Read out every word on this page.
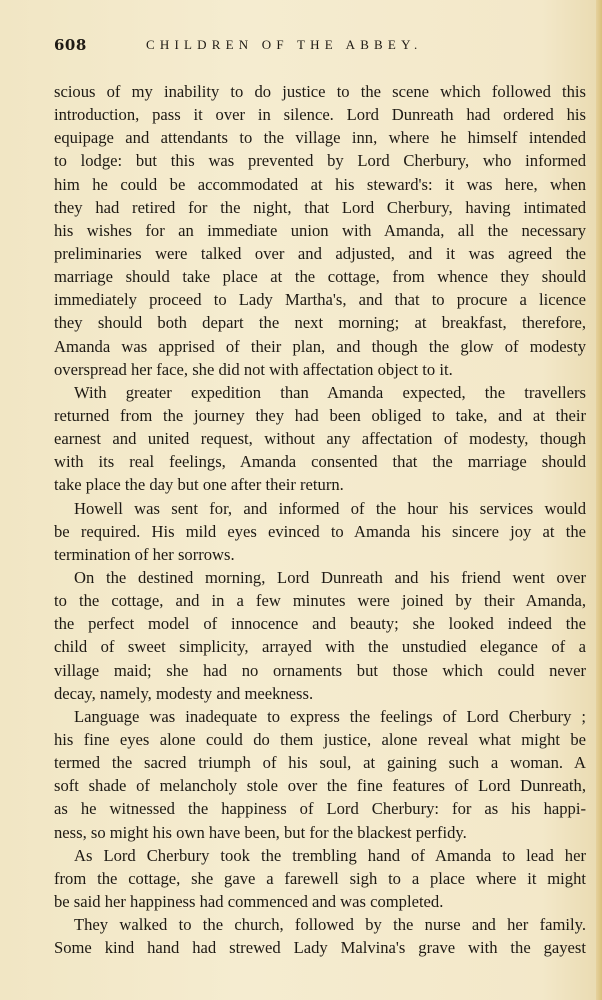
608	CHILDREN OF THE ABBEY.
scious of my inability to do justice to the scene which followed this
introduction, pass it over in silence. Lord Dunreath had ordered his
equipage and attendants to the village inn, where he himself intended
to lodge: but this was prevented by Lord Cherbury, who informed
him he could be accommodated at his steward's: it was here, when
they had retired for the night, that Lord Cherbury, having intimated
his wishes for an immediate union with Amanda, all the necessary
preliminaries were talked over and adjusted, and it was agreed the
marriage should take place at the cottage, from whence they should
immediately proceed to Lady Martha's, and that to procure a licence
they should both depart the next morning; at breakfast, therefore,
Amanda was apprised of their plan, and though the glow of modesty
overspread her face, she did not with affectation object to it.
With greater expedition than Amanda expected, the travellers
returned from the journey they had been obliged to take, and at their
earnest and united request, without any affectation of modesty, though
with its real feelings, Amanda consented that the marriage should
take place the day but one after their return.
Howell was sent for, and informed of the hour his services would
be required. His mild eyes evinced to Amanda his sincere joy at the
termination of her sorrows.
On the destined morning, Lord Dunreath and his friend went over
to the cottage, and in a few minutes were joined by their Amanda,
the perfect model of innocence and beauty; she looked indeed the
child of sweet simplicity, arrayed with the unstudied elegance of a
village maid; she had no ornaments but those which could never
decay, namely, modesty and meekness.
Language was inadequate to express the feelings of Lord Cherbury ;
his fine eyes alone could do them justice, alone reveal what might be
termed the sacred triumph of his soul, at gaining such a woman. A
soft shade of melancholy stole over the fine features of Lord Dunreath,
as he witnessed the happiness of Lord Cherbury: for as his happi-
ness, so might his own have been, but for the blackest perfidy.
As Lord Cherbury took the trembling hand of Amanda to lead her
from the cottage, she gave a farewell sigh to a place where it might
be said her happiness had commenced and was completed.
They walked to the church, followed by the nurse and her family.
Some kind hand had strewed Lady Malvina's grave with the gayest
